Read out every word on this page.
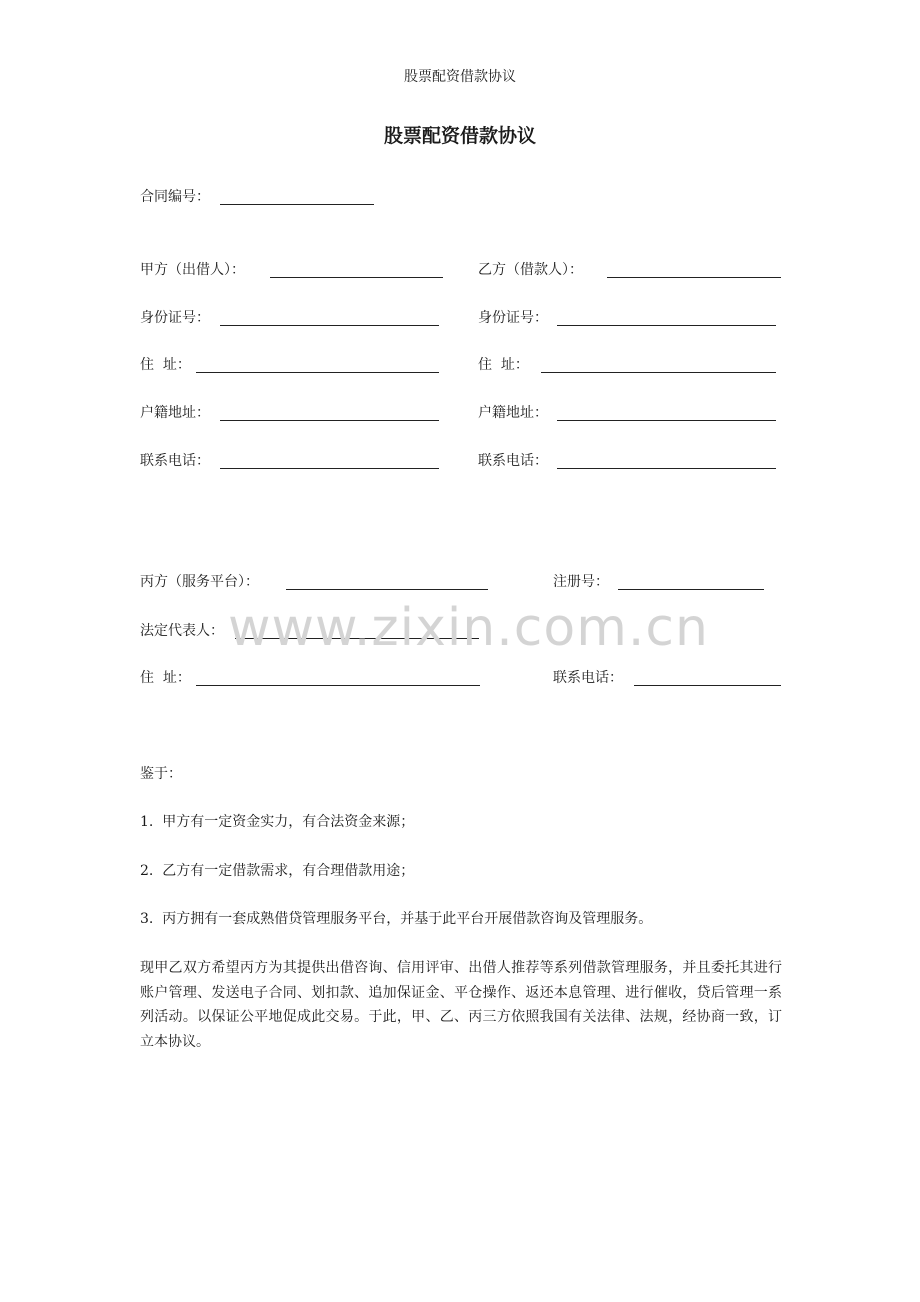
股票配资借款协议
股票配资借款协议
合同编号：
甲方（出借人）：	乙方（借款人）：
身份证号：	身份证号：
住  址：	住  址：
户籍地址：	户籍地址：
联系电话：	联系电话：
丙方（服务平台）：	注册号：
法定代表人：
住  址：	联系电话：
www.zixin.com.cn
鉴于：
1.  甲方有一定资金实力，有合法资金来源；
2.  乙方有一定借款需求，有合理借款用途；
3.  丙方拥有一套成熟借贷管理服务平台，并基于此平台开展借款咨询及管理服务。
现甲乙双方希望丙方为其提供出借咨询、信用评审、出借人推荐等系列借款管理服务，并且委托其进行账户管理、发送电子合同、划扣款、追加保证金、平仓操作、返还本息管理、进行催收，贷后管理一系列活动。以保证公平地促成此交易。于此，甲、乙、丙三方依照我国有关法律、法规，经协商一致，订立本协议。
